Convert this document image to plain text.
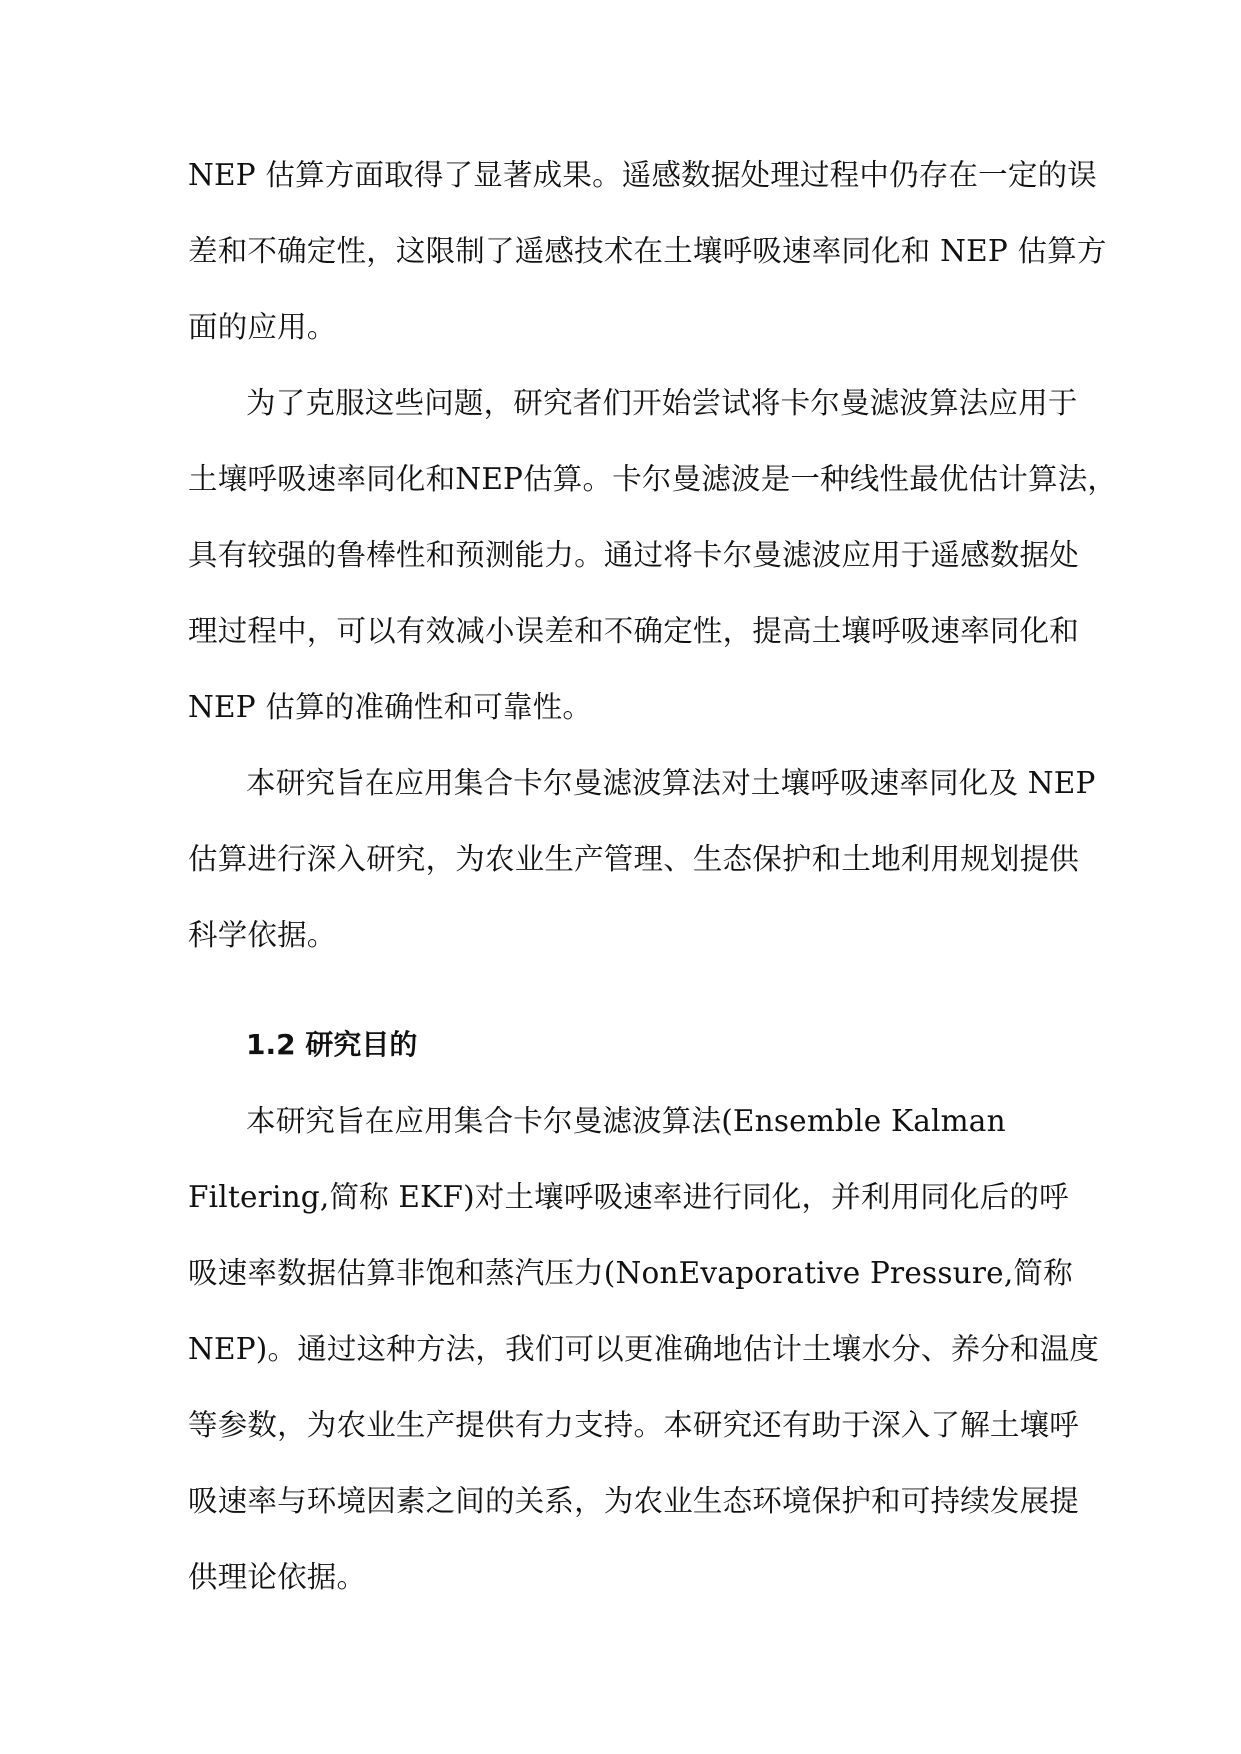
NEP 估算方面取得了显著成果。遥感数据处理过程中仍存在一定的误
差和不确定性，这限制了遥感技术在土壤呼吸速率同化和 NEP 估算方
面的应用。
为了克服这些问题，研究者们开始尝试将卡尔曼滤波算法应用于
土壤呼吸速率同化和NEP估算。卡尔曼滤波是一种线性最优估计算法，
具有较强的鲁棒性和预测能力。通过将卡尔曼滤波应用于遥感数据处
理过程中，可以有效减小误差和不确定性，提高土壤呼吸速率同化和
NEP 估算的准确性和可靠性。
本研究旨在应用集合卡尔曼滤波算法对土壤呼吸速率同化及 NEP
估算进行深入研究，为农业生产管理、生态保护和土地利用规划提供
科学依据。
1.2 研究目的
本研究旨在应用集合卡尔曼滤波算法(Ensemble Kalman
Filtering,简称 EKF)对土壤呼吸速率进行同化，并利用同化后的呼
吸速率数据估算非饱和蒸汽压力(NonEvaporative Pressure,简称
NEP)。通过这种方法，我们可以更准确地估计土壤水分、养分和温度
等参数，为农业生产提供有力支持。本研究还有助于深入了解土壤呼
吸速率与环境因素之间的关系，为农业生态环境保护和可持续发展提
供理论依据。
